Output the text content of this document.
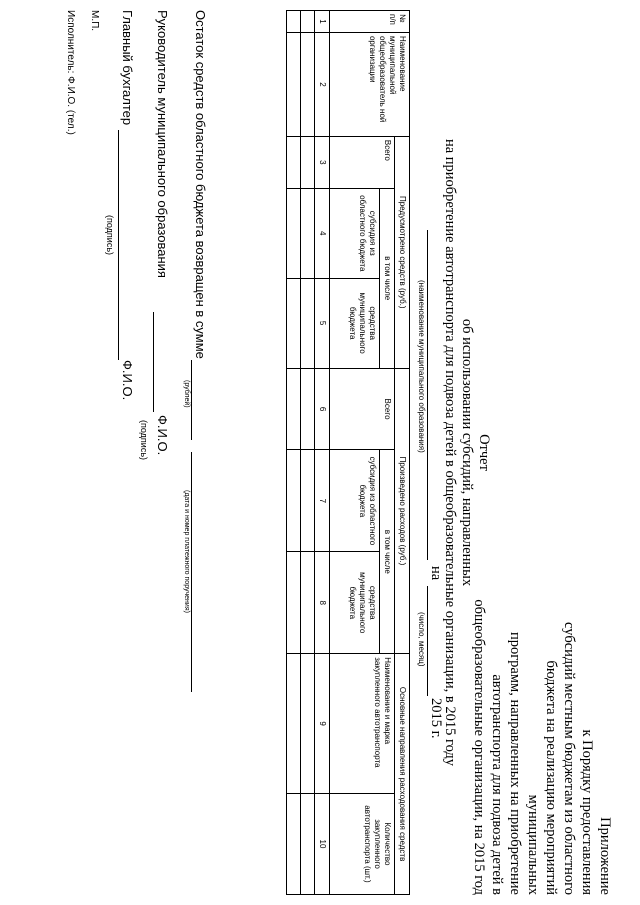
Приложение
к Порядку предоставления
субсидий местным бюджетам из областного
бюджета на реализацию мероприятий муниципальных
программ, направленных на приобретение
автотранспорта для подвоза детей в
общеобразовательные организации, на 2015 год
Отчет
об использовании субсидий, направленных
на приобретение автотранспорта для подвоза детей в общеобразовательные организации, в 2015 году
(наименование муниципального образования)
на
(число, месяц)
2015 г.
№ п/п	Наименование муниципальной общеобразователь ной организации	Предусмотрено средств (руб.)			Произведено расходов (руб.)			Основные направления расходования средств	
		Всего	в том числе		Всего	в том числе		Наименование и марка закупленного автотранспорта	Количество закупленного автотранспорта (шт.)
			субсидия из областного бюджета	средства муниципального бюджета		субсидия из областного бюджета	средства муниципального бюджета		
1	2	3	4	5	6	7	8	9	10

Остаток средств областного бюджета возвращен в сумме
(рублей)
(дата и номер платежного поручения)
Руководитель муниципального образования
Ф.И.О.
(подпись)
Главный бухгалтер
Ф.И.О.
(подпись)
М.П.
Исполнитель: Ф.И.О. (тел.)
